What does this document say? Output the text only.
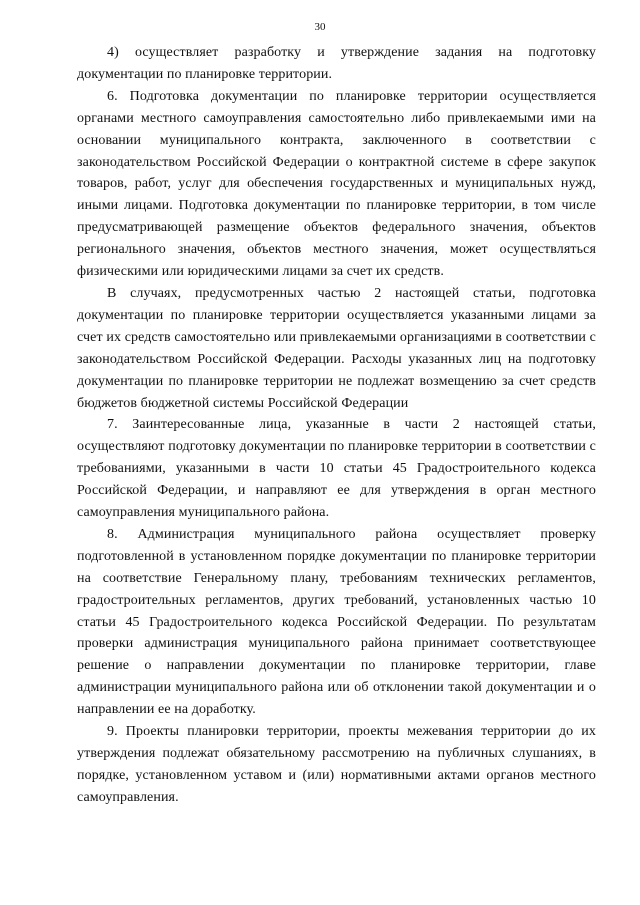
30

4) осуществляет разработку и утверждение задания на подготовку документации по планировке территории.

6. Подготовка документации по планировке территории осуществляется органами местного самоуправления самостоятельно либо привлекаемыми ими на основании муниципального контракта, заключенного в соответствии с законодательством Российской Федерации о контрактной системе в сфере закупок товаров, работ, услуг для обеспечения государственных и муниципальных нужд, иными лицами. Подготовка документации по планировке территории, в том числе предусматривающей размещение объектов федерального значения, объектов регионального значения, объектов местного значения, может осуществляться физическими или юридическими лицами за счет их средств.

В случаях, предусмотренных частью 2 настоящей статьи, подготовка документации по планировке территории осуществляется указанными лицами за счет их средств самостоятельно или привлекаемыми организациями в соответствии с законодательством Российской Федерации. Расходы указанных лиц на подготовку документации по планировке территории не подлежат возмещению за счет средств бюджетов бюджетной системы Российской Федерации

7. Заинтересованные лица, указанные в части 2 настоящей статьи, осуществляют подготовку документации по планировке территории в соответствии с требованиями, указанными в части 10 статьи 45 Градостроительного кодекса Российской Федерации, и направляют ее для утверждения в орган местного самоуправления муниципального района.

8. Администрация муниципального района осуществляет проверку подготовленной в установленном порядке документации по планировке территории на соответствие Генеральному плану, требованиям технических регламентов, градостроительных регламентов, других требований, установленных частью 10 статьи 45 Градостроительного кодекса Российской Федерации. По результатам проверки администрация муниципального района принимает соответствующее решение о направлении документации по планировке территории, главе администрации муниципального района или об отклонении такой документации и о направлении ее на доработку.

9. Проекты планировки территории, проекты межевания территории до их утверждения подлежат обязательному рассмотрению на публичных слушаниях, в порядке, установленном уставом и (или) нормативными актами органов местного самоуправления.
